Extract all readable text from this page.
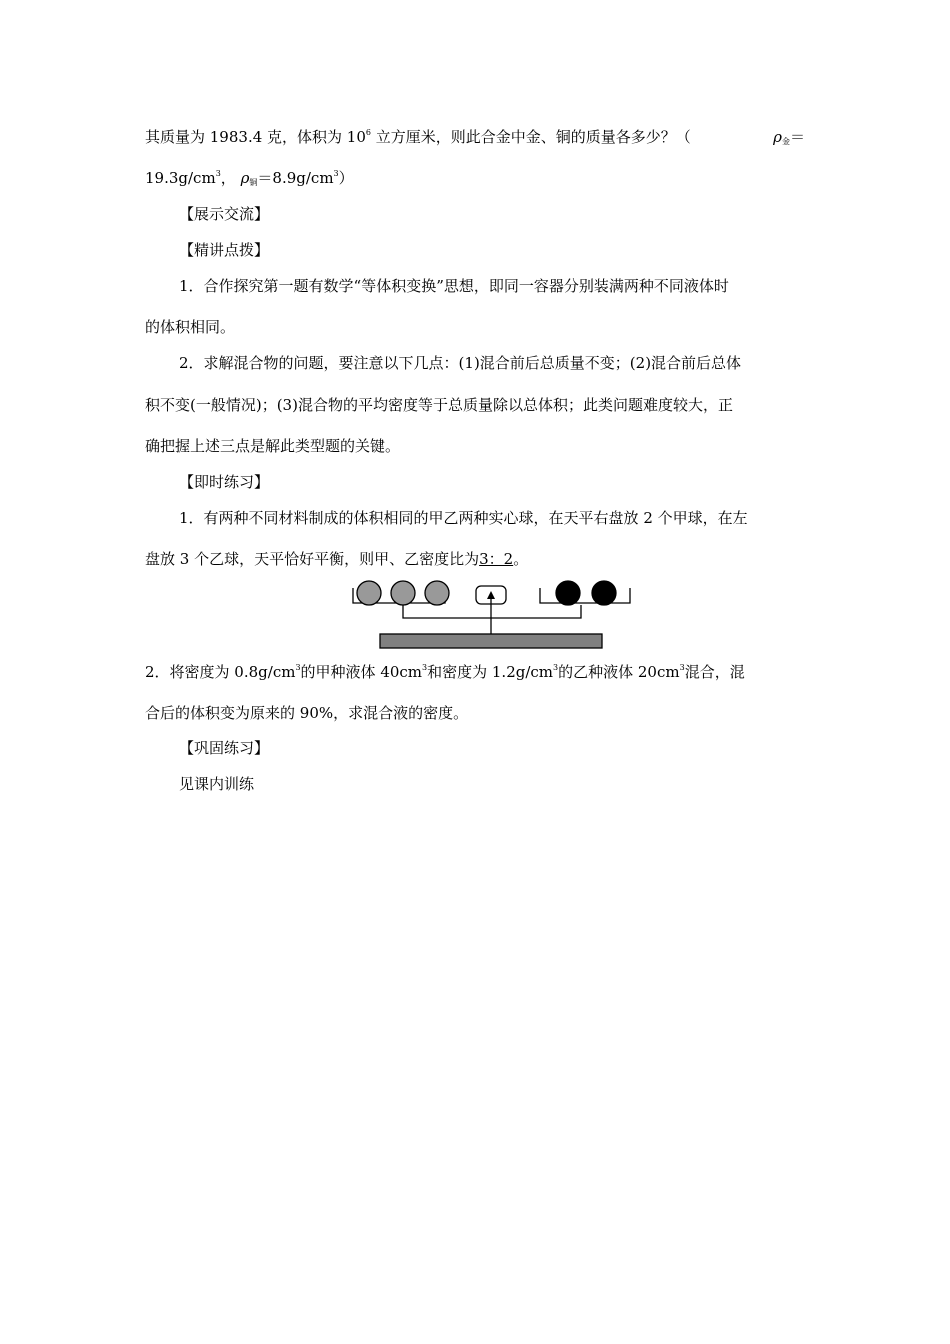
其质量为 1983.4 克，体积为 $10^6$ 立方厘米，则此合金中金、铜的质量各多少？（	$\rho_金=$
$19.3g/cm^3$， $\rho_铜=8.9g/cm^3$）
【展示交流】
【精讲点拨】
1．合作探究第一题有数学“等体积变换”思想，即同一容器分别装满两种不同液体时
的体积相同。
2．求解混合物的问题，要注意以下几点：(1)混合前后总质量不变；(2)混合前后总体
积不变(一般情况)；(3)混合物的平均密度等于总质量除以总体积；此类问题难度较大，正
确把握上述三点是解此类型题的关键。
【即时练习】
1．有两种不同材料制成的体积相同的甲乙两种实心球，在天平右盘放 2 个甲球，在左
盘放 3 个乙球，天平恰好平衡，则甲、乙密度比为3：2。
2．将密度为 $0.8g/cm^3$的甲种液体 $40cm^3$和密度为 $1.2g/cm^3$的乙种液体 $20cm^3$混合，混
合后的体积变为原来的 90%，求混合液的密度。
【巩固练习】
见课内训练
